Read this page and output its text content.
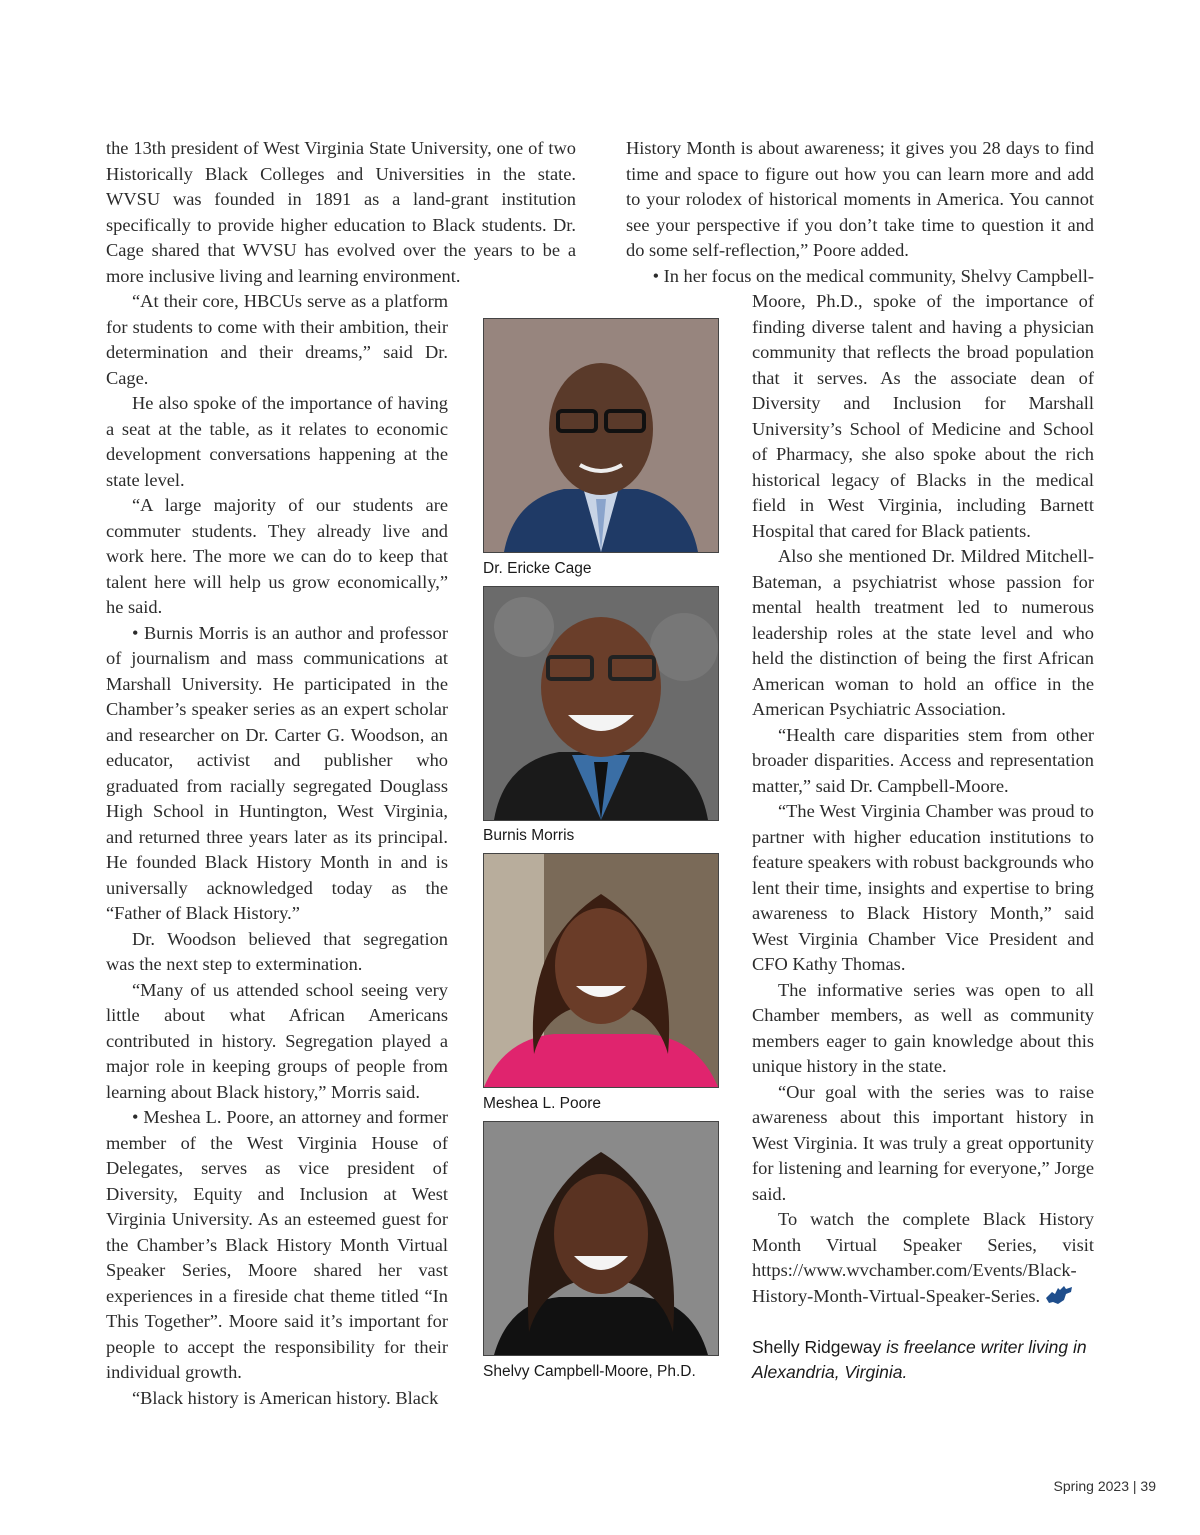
the 13th president of West Virginia State University, one of two Historically Black Colleges and Universities in the state. WVSU was founded in 1891 as a land-grant institution specifically to provide higher education to Black students. Dr. Cage shared that WVSU has evolved over the years to be a more inclusive living and learning environment.

“At their core, HBCUs serve as a platform for students to come with their ambition, their determination and their dreams,” said Dr. Cage.

He also spoke of the importance of having a seat at the table, as it relates to economic development conversations happening at the state level.

“A large majority of our students are commuter students. They already live and work here. The more we can do to keep that talent here will help us grow economically,” he said.

• Burnis Morris is an author and professor of journalism and mass communications at Marshall University. He participated in the Chamber’s speaker series as an expert scholar and researcher on Dr. Carter G. Woodson, an educator, activist and publisher who graduated from racially segregated Douglass High School in Huntington, West Virginia, and returned three years later as its principal. He founded Black History Month in and is universally acknowledged today as the “Father of Black History.”

Dr. Woodson believed that segregation was the next step to extermination.

“Many of us attended school seeing very little about what African Americans contributed in history. Segregation played a major role in keeping groups of people from learning about Black history,” Morris said.

• Meshea L. Poore, an attorney and former member of the West Virginia House of Delegates, serves as vice president of Diversity, Equity and Inclusion at West Virginia University. As an esteemed guest for the Chamber’s Black History Month Virtual Speaker Series, Moore shared her vast experiences in a fireside chat theme titled “In This Together”. Moore said it’s important for people to accept the responsibility for their individual growth.

“Black history is American history. Black

History Month is about awareness; it gives you 28 days to find time and space to figure out how you can learn more and add to your rolodex of historical moments in America. You cannot see your perspective if you don’t take time to question it and do some self-reflection,” Poore added.

• In her focus on the medical community, Shelvy Campbell-

Moore, Ph.D., spoke of the importance of finding diverse talent and having a physician community that reflects the broad population that it serves. As the associate dean of Diversity and Inclusion for Marshall University’s School of Medicine and School of Pharmacy, she also spoke about the rich historical legacy of Blacks in the medical field in West Virginia, including Barnett Hospital that cared for Black patients.

Also she mentioned Dr. Mildred Mitchell-Bateman, a psychiatrist whose passion for mental health treatment led to numerous leadership roles at the state level and who held the distinction of being the first African American woman to hold an office in the American Psychiatric Association.

“Health care disparities stem from other broader disparities. Access and representation matter,” said Dr. Campbell-Moore.

“The West Virginia Chamber was proud to partner with higher education institutions to feature speakers with robust backgrounds who lent their time, insights and expertise to bring awareness to Black History Month,” said West Virginia Chamber Vice President and CFO Kathy Thomas.

The informative series was open to all Chamber members, as well as community members eager to gain knowledge about this unique history in the state.

“Our goal with the series was to raise awareness about this important history in West Virginia. It was truly a great opportunity for listening and learning for everyone,” Jorge said.

To watch the complete Black History Month Virtual Speaker Series, visit https://www.wvchamber.com/Events/Black-History-Month-Virtual-Speaker-Series.

Dr. Ericke Cage
Burnis Morris
Meshea L. Poore
Shelvy Campbell-Moore, Ph.D.
Shelly Ridgeway is freelance writer living in Alexandria, Virginia.
Spring 2023 | 39
